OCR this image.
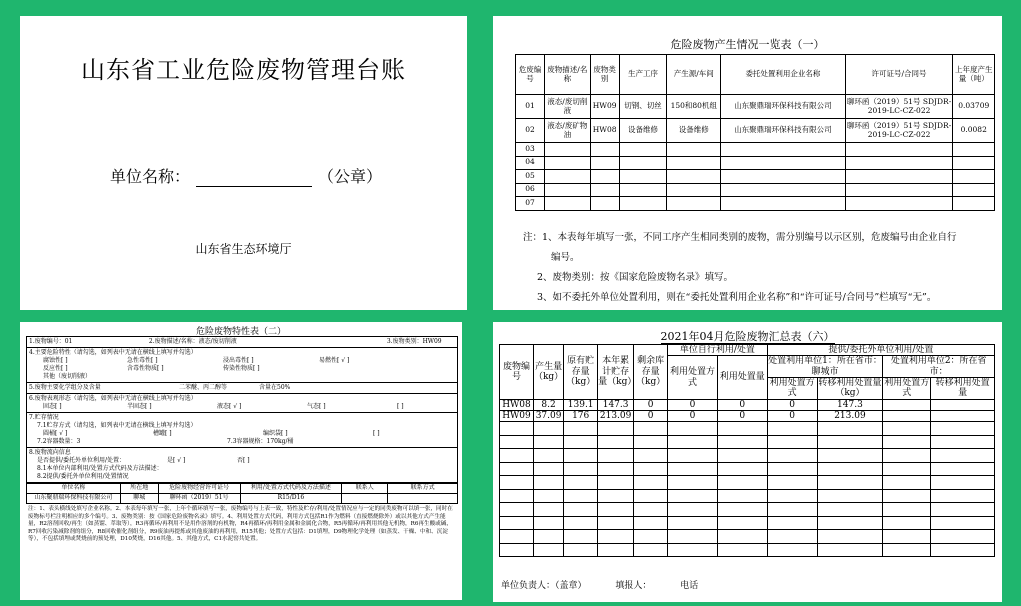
山东省工业危险废物管理台账
单位名称：	（公章）
山东省生态环境厅
危险废物产生情况一览表（一）
危废编号	废物描述/名称	废物类别	生产工序	产生源/车间	委托处置利用企业名称	许可证号/合同号	上年度产生量（吨）
01	液态/废切削液	HW09	切钢、切丝	150和80机组	山东聚鼎瑞环保科技有限公司	聊环函（2019）51号 SDJDR-2019-LC-CZ-022	0.03709
02	液态/废矿物油	HW08	设备维修	设备维修	山东聚鼎瑞环保科技有限公司	聊环函（2019）51号 SDJDR-2019-LC-CZ-022	0.0082
03							
04							
05							
06							
07							
注：1、本表每年填写一张，不同工序产生相同类别的废物，需分别编号以示区别，危废编号由企业自行
编号。
2、废物类别：按《国家危险废物名录》填写。
3、如不委托外单位处置利用，则在“委托处置利用企业名称”和“许可证号/合同号”栏填写“无”。
危险废物特性表（二）
1.废物编号：01	2.废物描述/名称：液态/废切削液	3.废物类别：HW09
4.主要危险特性（请勾选，如列表中无请在横线上填写并勾选）
腐蚀性[ ]	急性毒性[ ]	浸出毒性[ ]	易燃性[ √ ]
反应性[ ]	含毒性物质[ ]	传染性物质[ ]
其他（废切削液）
5.废物主要化学组分及含量	二苯醚、丙二醇等	含量在50%
6.废物表观形态（请勾选，如列表中无请在横线上填写并勾选）
固态[ ]	半固态[ ]	液态[ √ ]	气态[ ]	[ ]
7.贮存情况
7.1贮存方式（请勾选，如列表中无请在横线上填写并勾选）
圆桶[ √ ]	槽罐[ ]	编织袋[ ]	[ ]
7.2容器数量：3	7.3容器规格：170kg/桶
8.废物流向信息
是否提供/委托外单位利用/处置：	是[ √ ]	否[ ]
8.1本单位内部利用/处置方式代码及方法描述：
8.2提供/委托外单位利用/处置情况
单位名称	所在地	危险废物经营许可证号	利用/处置方式代码及方法描述	联系人	联系方式
山东聚鼎瑞环保科技有限公司	聊城	聊环函（2019）51号	R15/D16		
注：1、表头横线处填写企业名称。2、本表每年填写一张，上年个循环填写一张，废物编号与上表一致，特性及贮存/利用/处置情况应与一定的同类废物可以填一张，同时在废物标号栏注明相应的多个编号。3、废物类别：按《国家危险废物名录》填写。4、利用处置方式代码，利用方式包括R1作为燃料（直接燃烧除外）或以其他方式产生能量，R2溶剂回收/再生（如蒸馏、萃取等），R3再循环/再利用不是用作溶剂的有机物，R4再循环/再利用金属和金属化合物，R5再循环/再利用其他无机物，R6再生酸或碱，R7回收污染减除剂的组分，R8回收催化剂组分，R9废油再提炼或其他废油的再利用，R15其他；处置方式包括：D1填埋，D9物理化学处理（如蒸发、干燥、中和、沉淀等），不包括填埋或焚烧前的预处理，D10焚烧，D16其他。5、其他方式，C1水泥窑共处置。
2021年04月危险废物汇总表（六）
废物编号	产生量（kg）	原有贮存量（kg）	本年累计贮存量（kg）	剩余库存量（kg）	单位自行利用/处置		提供/委托外单位利用/处置			
					利用处置方式	利用处置量	处置利用单位1：所在省市：聊城市		处置利用单位2：所在省市：	
							利用处置方式	转移利用处置量（kg）	利用处置方式	转移利用处置量
HW08	8.2	139.1	147.3	0	0	0	0	147.3		
HW09	37.09	176	213.09	0	0	0	0	213.09		

单位负责人：（盖章）	填报人：	电话
